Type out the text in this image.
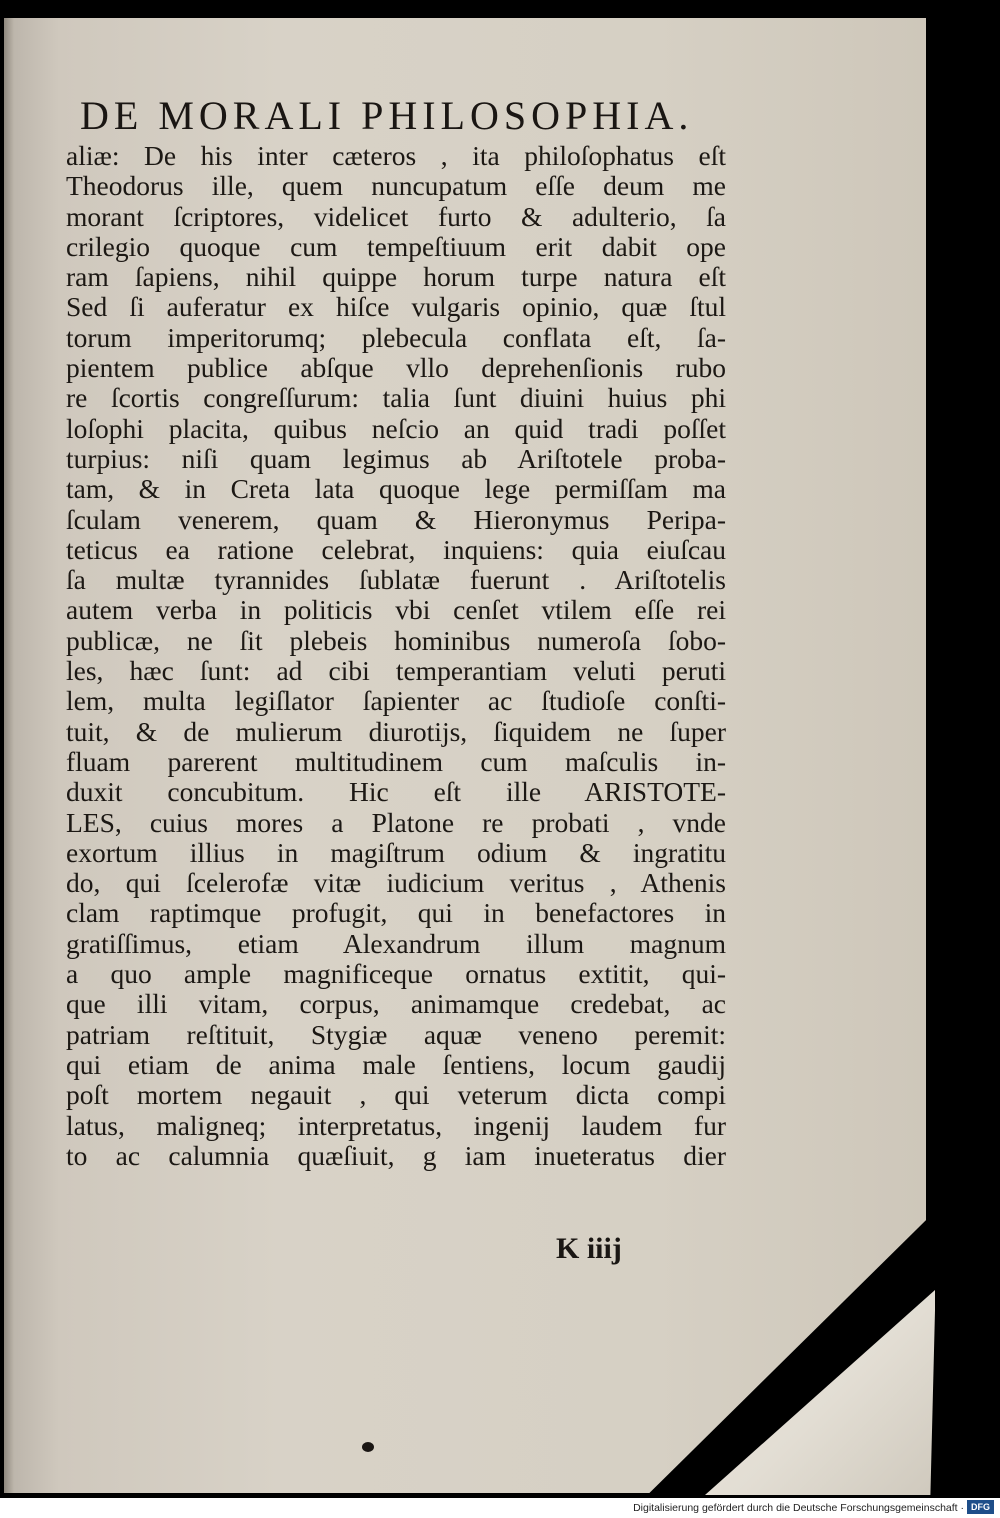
DE MORALI PHILOSOPHIA.
aliæ: De his inter cæteros , ita philoſophatus eſt
Theodorus ille, quem nuncupatum eſſe deum me
morant ſcriptores, videlicet furto & adulterio, ſa
crilegio quoque cum tempeſtiuum erit dabit ope
ram ſapiens, nihil quippe horum turpe natura eſt
Sed ſi auferatur ex hiſce vulgaris opinio, quæ ſtul
torum imperitorumq; plebecula conflata eſt, ſa-
pientem publice abſque vllo deprehenſionis rubo
re ſcortis congreſſurum: talia ſunt diuini huius phi
loſophi placita, quibus neſcio an quid tradi poſſet
turpius: niſi quam legimus ab Ariſtotele proba-
tam, & in Creta lata quoque lege permiſſam ma
ſculam venerem, quam & Hieronymus Peripa-
teticus ea ratione celebrat, inquiens: quia eiuſcau
ſa multæ tyrannides ſublatæ fuerunt . Ariſtotelis
autem verba in politicis vbi cenſet vtilem eſſe rei
publicæ, ne ſit plebeis hominibus numeroſa ſobo-
les, hæc ſunt: ad cibi temperantiam veluti peruti
lem, multa legiſlator ſapienter ac ſtudioſe conſti-
tuit, & de mulierum diurotijs, ſiquidem ne ſuper
fluam parerent multitudinem cum maſculis in-
duxit concubitum. Hic eſt ille ARISTOTE-
LES, cuius mores a Platone re probati , vnde
exortum illius in magiſtrum odium & ingratitu
do, qui ſcelerofæ vitæ iudicium veritus , Athenis
clam raptimque profugit, qui in benefactores in
gratiſſimus, etiam Alexandrum illum magnum
a quo ample magnificeque ornatus extitit, qui-
que illi vitam, corpus, animamque credebat, ac
patriam reſtituit, Stygiæ aquæ veneno peremit:
qui etiam de anima male ſentiens, locum gaudij
poſt mortem negauit , qui veterum dicta compi
latus, maligneq; interpretatus, ingenij laudem fur
to ac calumnia quæſiuit, g iam inueteratus dier
K iiij
Digitalisierung gefördert durch die Deutsche Forschungsgemeinschaft · DFG
